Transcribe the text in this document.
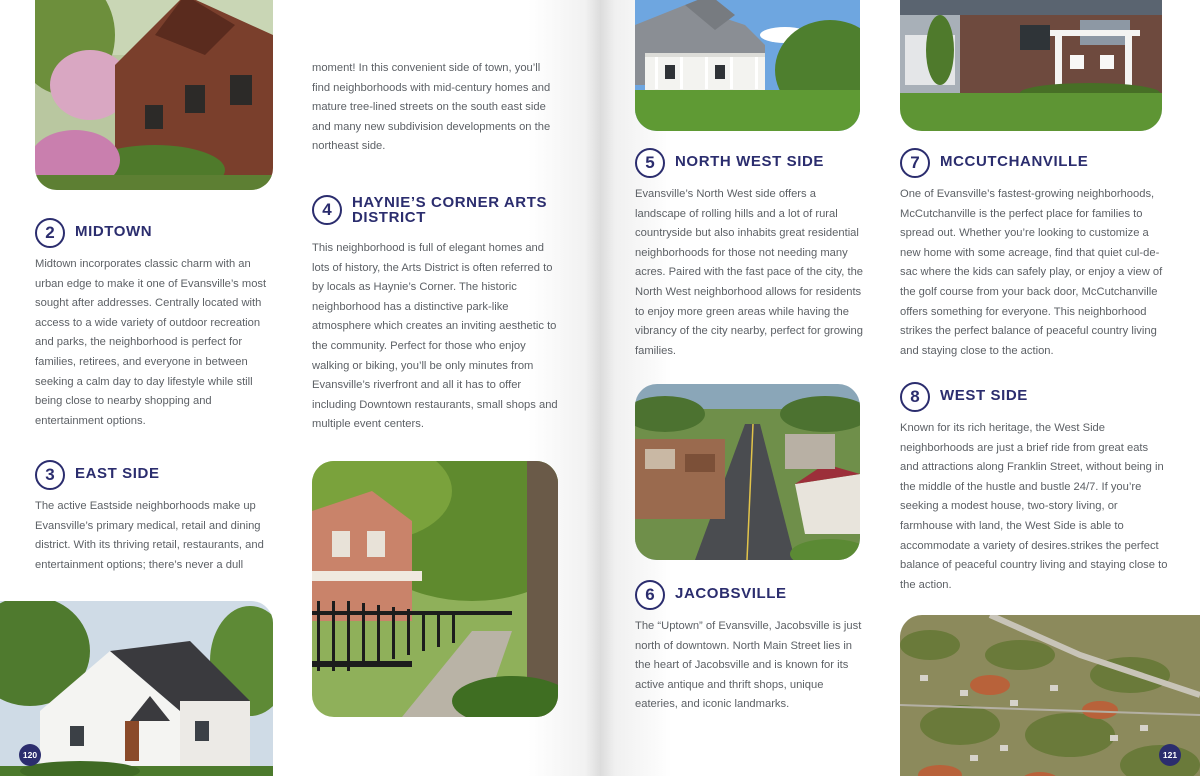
2	MIDTOWN
Midtown incorporates classic charm with an urban edge to make it one of Evansville’s most sought after addresses. Centrally located with access to a wide variety of outdoor recreation and parks, the neighborhood is perfect for families, retirees, and everyone in between seeking a calm day to day lifestyle while still being close to nearby shopping and entertainment options.
3	EAST SIDE
The active Eastside neighborhoods make up Evansville’s primary medical, retail and dining district. With its thriving retail, restaurants, and entertainment options; there’s never a dull
120
moment! In this convenient side of town, you’ll find neighborhoods with mid-century homes and mature tree-lined streets on the south east side and many new subdivision developments on the northeast side.
4	HAYNIE’S CORNER ARTS
DISTRICT
This neighborhood is full of elegant homes and lots of history, the Arts District is often referred to by locals as Haynie’s Corner. The historic neighborhood has a distinctive park-like atmosphere which creates an inviting aesthetic to the community. Perfect for those who enjoy walking or biking, you’ll be only minutes from Evansville’s riverfront and all it has to offer including Downtown restaurants, small shops and multiple event centers.
5	NORTH WEST SIDE
Evansville’s North West side offers a landscape of rolling hills and a lot of rural countryside but also inhabits great residential neighborhoods for those not needing many acres. Paired with the fast pace of the city, the North West neighborhood allows for residents to enjoy more green areas while having the vibrancy of the city nearby, perfect for growing families.
6	JACOBSVILLE
The “Uptown” of Evansville, Jacobsville is just north of downtown. North Main Street lies in the heart of Jacobsville and is known for its active antique and thrift shops, unique eateries, and iconic landmarks.
7	MCCUTCHANVILLE
One of Evansville’s fastest-growing neighborhoods, McCutchanville is the perfect place for families to spread out. Whether you’re looking to customize a new home with some acreage, find that quiet cul-de-sac where the kids can safely play, or enjoy a view of the golf course from your back door, McCutchanville offers something for everyone. This neighborhood strikes the perfect balance of peaceful country living and staying close to the action.
8	WEST SIDE
Known for its rich heritage, the West Side neighborhoods are just a brief ride from great eats and attractions along Franklin Street, without being in the middle of the hustle and bustle 24/7. If you’re seeking a modest house, two-story living, or farmhouse with land, the West Side is able to accommodate a variety of desires.strikes the perfect balance of peaceful country living and staying close to the action.
121
